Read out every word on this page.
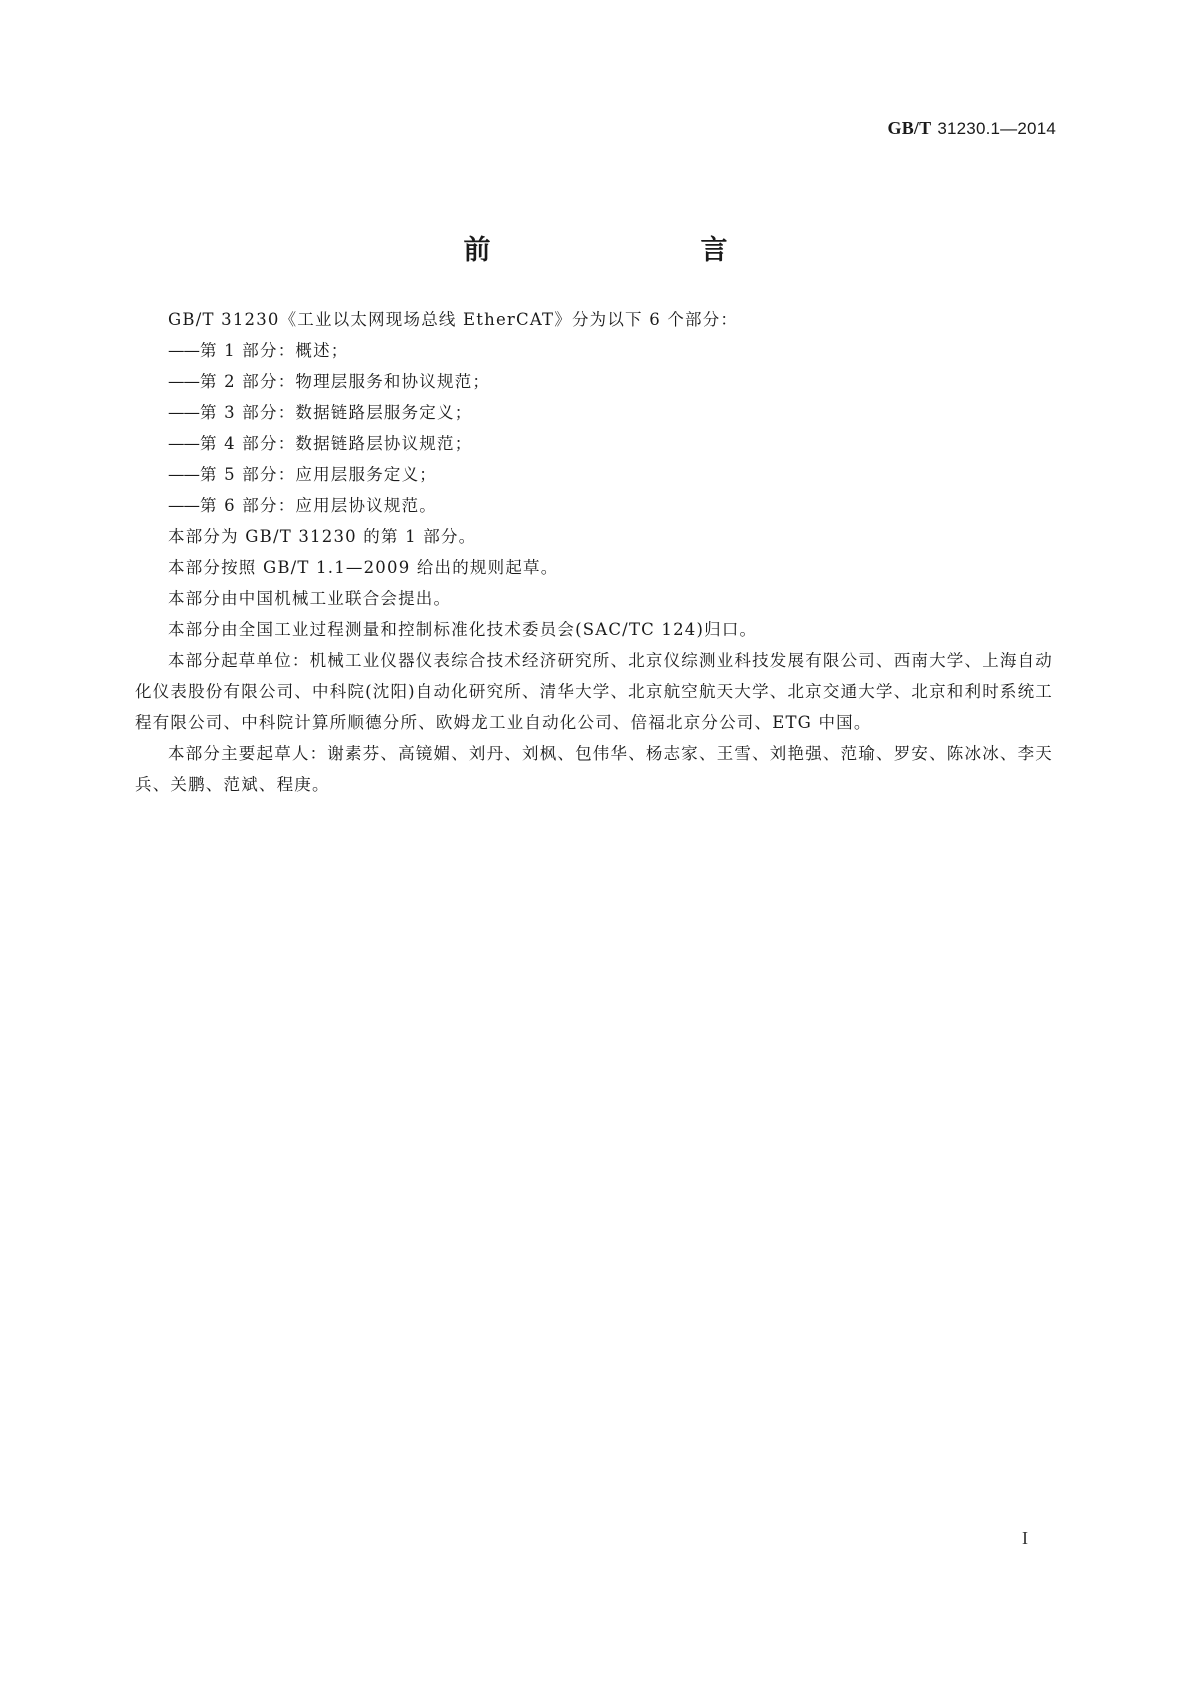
GB/T 31230.1—2014
前　　言

GB/T 31230《工业以太网现场总线 EtherCAT》分为以下 6 个部分：

——第 1 部分：概述；

——第 2 部分：物理层服务和协议规范；

——第 3 部分：数据链路层服务定义；

——第 4 部分：数据链路层协议规范；

——第 5 部分：应用层服务定义；

——第 6 部分：应用层协议规范。

本部分为 GB/T 31230 的第 1 部分。

本部分按照 GB/T 1.1—2009 给出的规则起草。

本部分由中国机械工业联合会提出。

本部分由全国工业过程测量和控制标准化技术委员会(SAC/TC 124)归口。

本部分起草单位：机械工业仪器仪表综合技术经济研究所、北京仪综测业科技发展有限公司、西南大学、上海自动化仪表股份有限公司、中科院(沈阳)自动化研究所、清华大学、北京航空航天大学、北京交通大学、北京和利时系统工程有限公司、中科院计算所顺德分所、欧姆龙工业自动化公司、倍福北京分公司、ETG 中国。

本部分主要起草人：谢素芬、高镜媚、刘丹、刘枫、包伟华、杨志家、王雪、刘艳强、范瑜、罗安、陈冰冰、李天兵、关鹏、范斌、程庚。

I
